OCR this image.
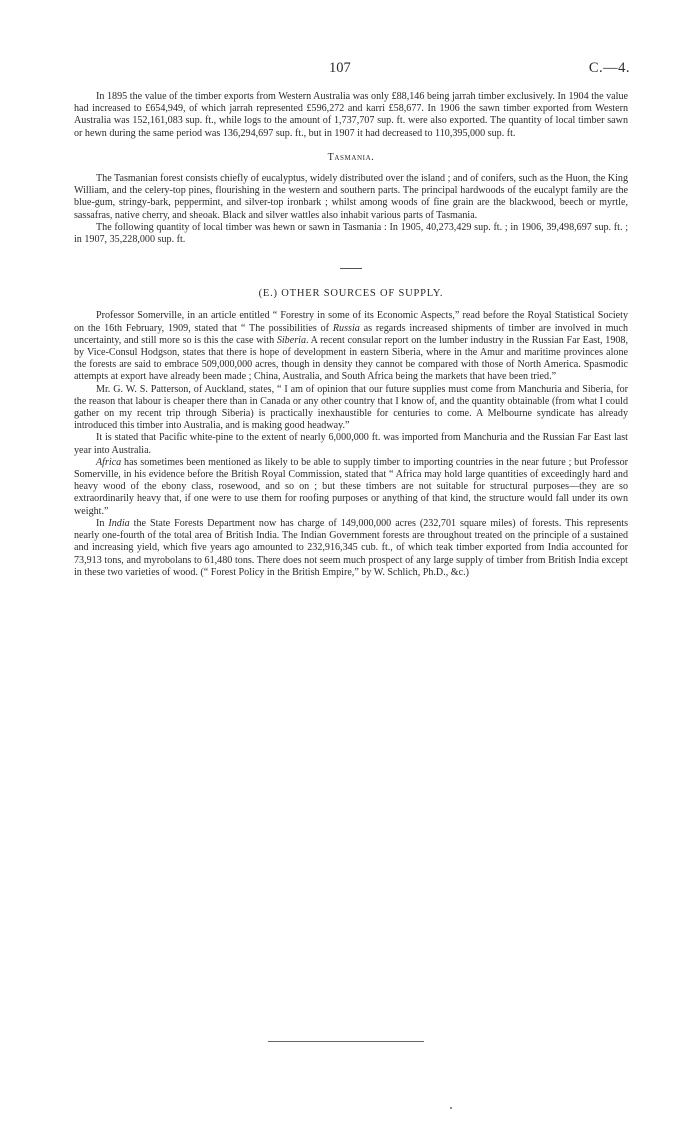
107	C.—4.

In 1895 the value of the timber exports from Western Australia was only £88,146 being jarrah timber exclusively. In 1904 the value had increased to £654,949, of which jarrah represented £596,272 and karri £58,677. In 1906 the sawn timber exported from Western Australia was 152,161,083 sup. ft., while logs to the amount of 1,737,707 sup. ft. were also exported. The quantity of local timber sawn or hewn during the same period was 136,294,697 sup. ft., but in 1907 it had decreased to 110,395,000 sup. ft.

Tasmania.

The Tasmanian forest consists chiefly of eucalyptus, widely distributed over the island ; and of conifers, such as the Huon, the King William, and the celery-top pines, flourishing in the western and southern parts. The principal hardwoods of the eucalypt family are the blue-gum, stringy-bark, peppermint, and silver-top ironbark ; whilst among woods of fine grain are the blackwood, beech or myrtle, sassafras, native cherry, and sheoak. Black and silver wattles also inhabit various parts of Tasmania.

The following quantity of local timber was hewn or sawn in Tasmania : In 1905, 40,273,429 sup. ft. ; in 1906, 39,498,697 sup. ft. ; in 1907, 35,228,000 sup. ft.

(E.) OTHER SOURCES OF SUPPLY.

Professor Somerville, in an article entitled “ Forestry in some of its Economic Aspects,” read before the Royal Statistical Society on the 16th February, 1909, stated that “ The possibilities of Russia as regards increased shipments of timber are involved in much uncertainty, and still more so is this the case with Siberia. A recent consular report on the lumber industry in the Russian Far East, 1908, by Vice-Consul Hodgson, states that there is hope of development in eastern Siberia, where in the Amur and maritime provinces alone the forests are said to embrace 509,000,000 acres, though in density they cannot be compared with those of North America. Spasmodic attempts at export have already been made ; China, Australia, and South Africa being the markets that have been tried.”

Mr. G. W. S. Patterson, of Auckland, states, “ I am of opinion that our future supplies must come from Manchuria and Siberia, for the reason that labour is cheaper there than in Canada or any other country that I know of, and the quantity obtainable (from what I could gather on my recent trip through Siberia) is practically inexhaustible for centuries to come. A Melbourne syndicate has already introduced this timber into Australia, and is making good headway.”

It is stated that Pacific white-pine to the extent of nearly 6,000,000 ft. was imported from Manchuria and the Russian Far East last year into Australia.

Africa has sometimes been mentioned as likely to be able to supply timber to importing countries in the near future ; but Professor Somerville, in his evidence before the British Royal Commission, stated that “ Africa may hold large quantities of exceedingly hard and heavy wood of the ebony class, rosewood, and so on ; but these timbers are not suitable for structural purposes—they are so extraordinarily heavy that, if one were to use them for roofing purposes or anything of that kind, the structure would fall under its own weight.”

In India the State Forests Department now has charge of 149,000,000 acres (232,701 square miles) of forests. This represents nearly one-fourth of the total area of British India. The Indian Government forests are throughout treated on the principle of a sustained and increasing yield, which five years ago amounted to 232,916,345 cub. ft., of which teak timber exported from India accounted for 73,913 tons, and myrobolans to 61,480 tons. There does not seem much prospect of any large supply of timber from British India except in these two varieties of wood. (“ Forest Policy in the British Empire,” by W. Schlich, Ph.D., &c.)
